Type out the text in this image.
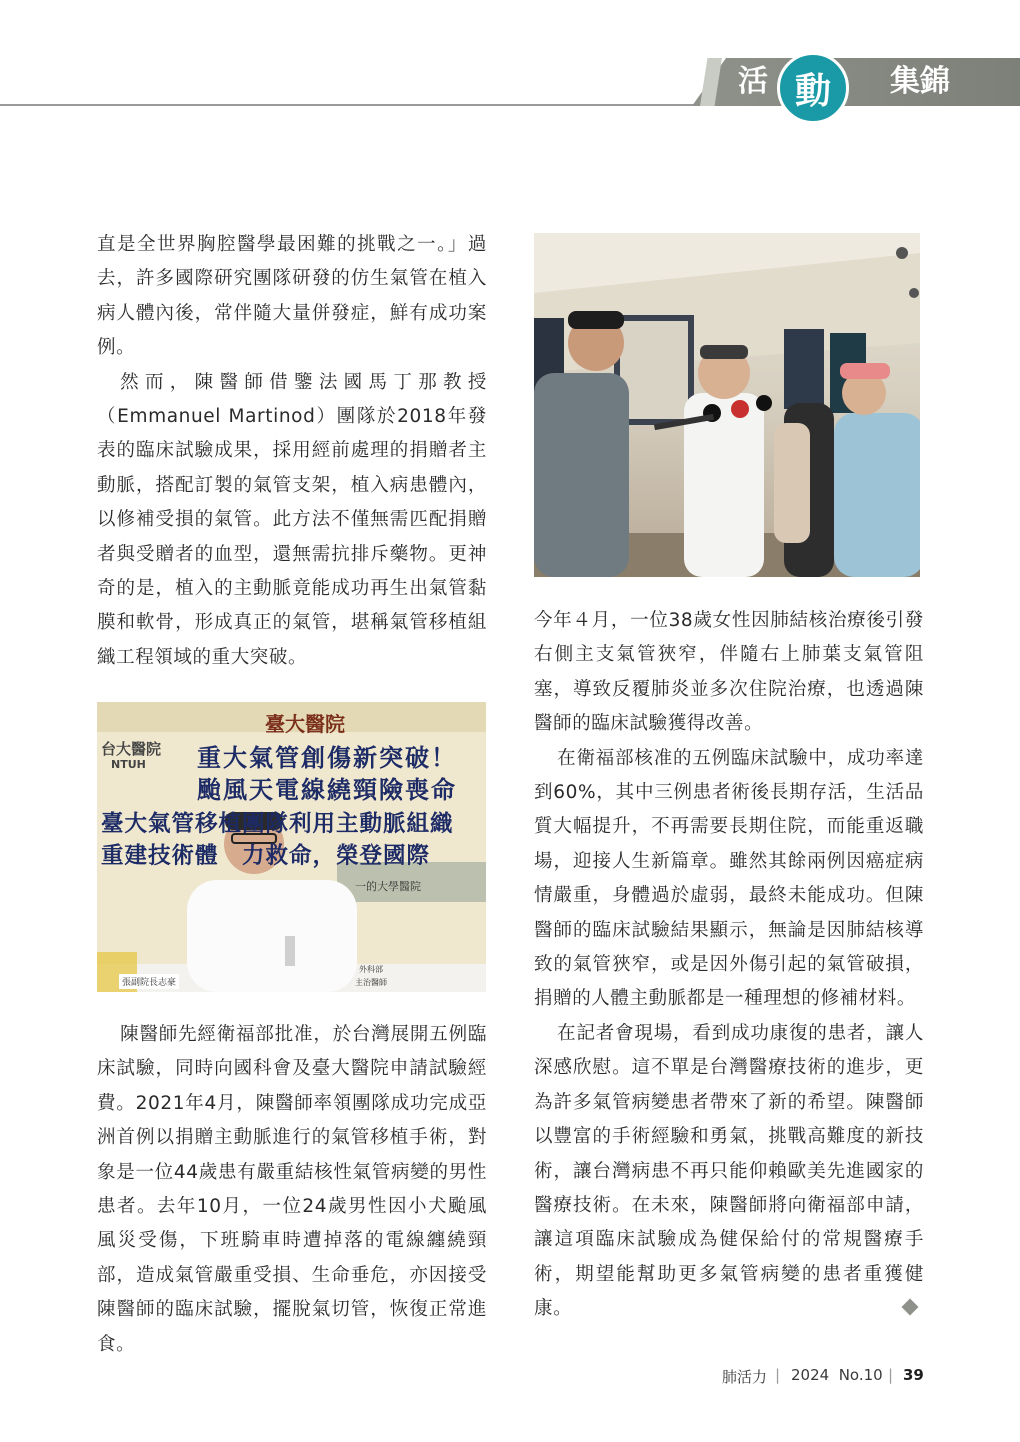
活 動	集錦

直是全世界胸腔醫學最困難的挑戰之一。」過去，許多國際研究團隊研發的仿生氣管在植入病人體內後，常伴隨大量併發症，鮮有成功案例。

然而，陳醫師借鑒法國馬丁那教授（Emmanuel Martinod）團隊於2018年發表的臨床試驗成果，採用經前處理的捐贈者主動脈，搭配訂製的氣管支架，植入病患體內，以修補受損的氣管。此方法不僅無需匹配捐贈者與受贈者的血型，還無需抗排斥藥物。更神奇的是，植入的主動脈竟能成功再生出氣管黏膜和軟骨，形成真正的氣管，堪稱氣管移植組織工程領域的重大突破。

臺大醫院
台大醫院
NTUH 重大氣管創傷新突破！
颱風天電線繞頸險喪命
臺大氣管移植團隊利用主動脈組織
重建技術體　力救命，榮登國際
一的大學醫院
張副院長志豪
外科部
主治醫師

陳醫師先經衛福部批准，於台灣展開五例臨床試驗，同時向國科會及臺大醫院申請試驗經費。2021年4月，陳醫師率領團隊成功完成亞洲首例以捐贈主動脈進行的氣管移植手術，對象是一位44歲患有嚴重結核性氣管病變的男性患者。去年10月，一位24歲男性因小犬颱風風災受傷，下班騎車時遭掉落的電線纏繞頸部，造成氣管嚴重受損、生命垂危，亦因接受陳醫師的臨床試驗，擺脫氣切管，恢復正常進食。

今年４月，一位38歲女性因肺結核治療後引發右側主支氣管狹窄，伴隨右上肺葉支氣管阻塞，導致反覆肺炎並多次住院治療，也透過陳醫師的臨床試驗獲得改善。

在衛福部核准的五例臨床試驗中，成功率達到60%，其中三例患者術後長期存活，生活品質大幅提升，不再需要長期住院，而能重返職場，迎接人生新篇章。雖然其餘兩例因癌症病情嚴重，身體過於虛弱，最終未能成功。但陳醫師的臨床試驗結果顯示，無論是因肺結核導致的氣管狹窄，或是因外傷引起的氣管破損，捐贈的人體主動脈都是一種理想的修補材料。

在記者會現場，看到成功康復的患者，讓人深感欣慰。這不單是台灣醫療技術的進步，更為許多氣管病變患者帶來了新的希望。陳醫師以豐富的手術經驗和勇氣，挑戰高難度的新技術，讓台灣病患不再只能仰賴歐美先進國家的醫療技術。在未來，陳醫師將向衛福部申請，讓這項臨床試驗成為健保給付的常規醫療手術，期望能幫助更多氣管病變的患者重獲健康。

肺活力 | 2024  No.10 | 39
